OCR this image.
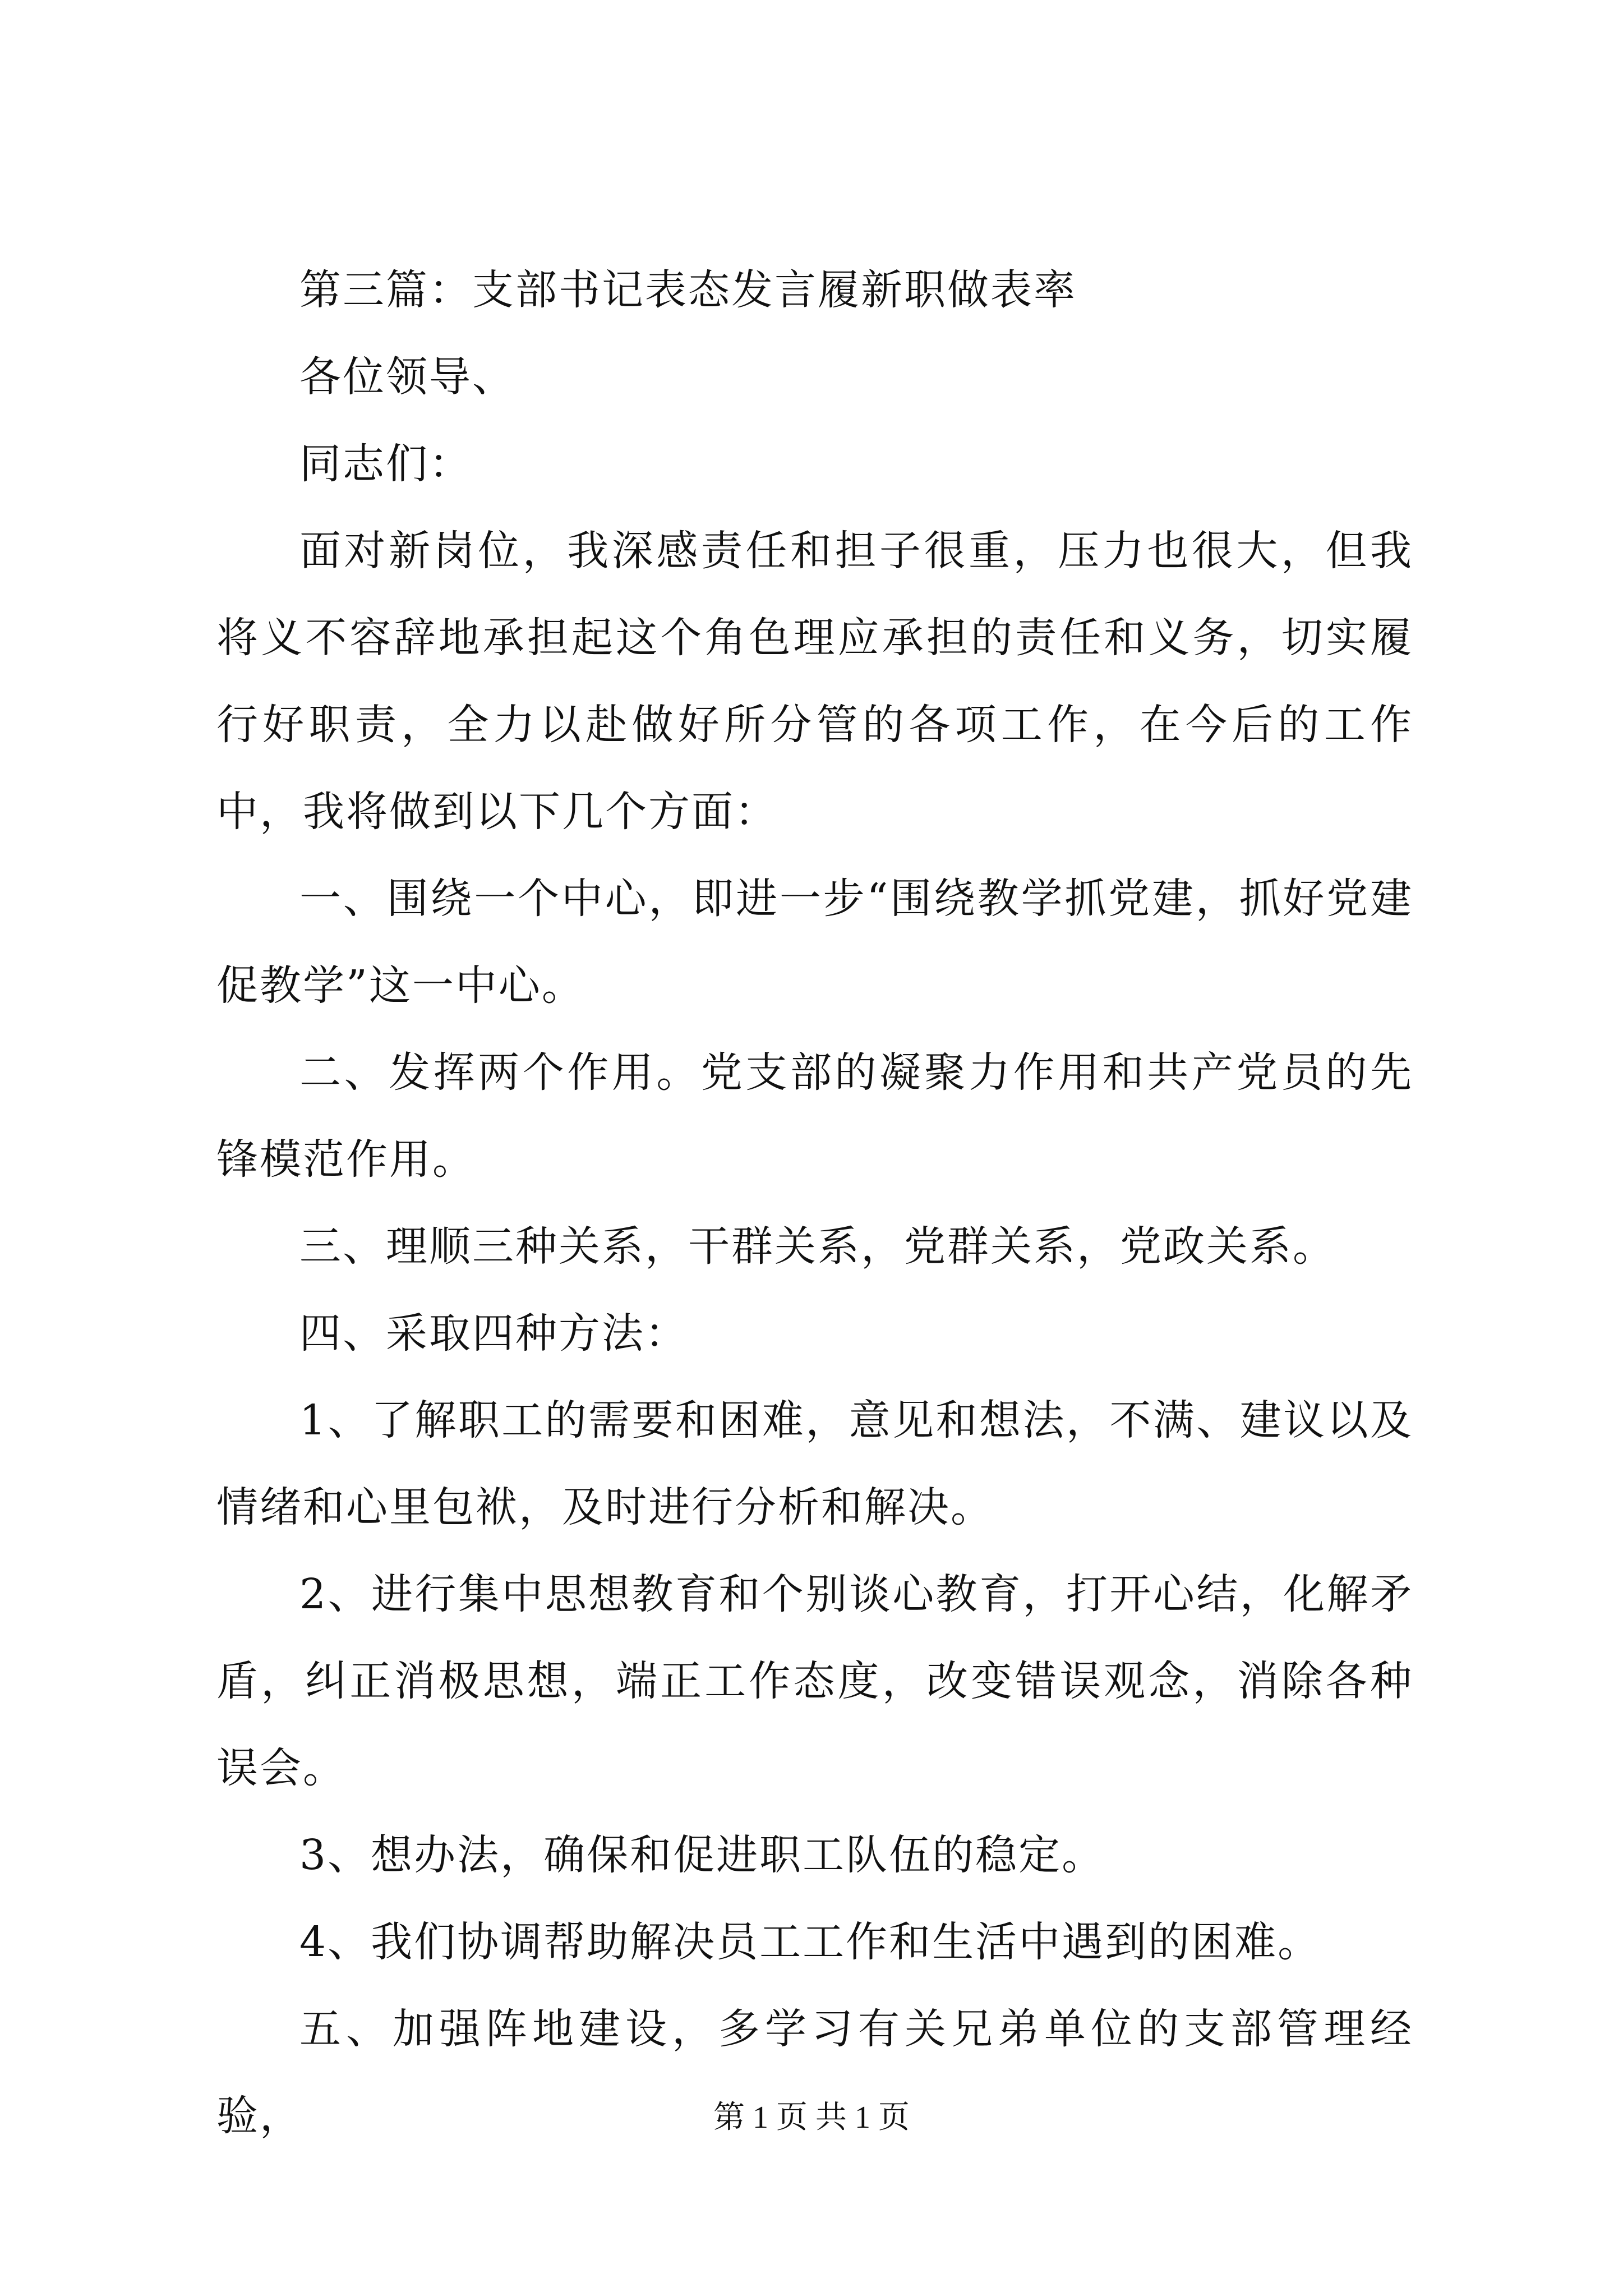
第三篇：支部书记表态发言履新职做表率

各位领导、

同志们：

面对新岗位，我深感责任和担子很重，压力也很大，但我将义不容辞地承担起这个角色理应承担的责任和义务，切实履行好职责，全力以赴做好所分管的各项工作，在今后的工作中，我将做到以下几个方面：

一、围绕一个中心，即进一步“围绕教学抓党建，抓好党建促教学”这一中心。

二、发挥两个作用。党支部的凝聚力作用和共产党员的先锋模范作用。

三、理顺三种关系，干群关系，党群关系，党政关系。

四、采取四种方法：

1、了解职工的需要和困难，意见和想法，不满、建议以及情绪和心里包袱，及时进行分析和解决。

2、进行集中思想教育和个别谈心教育，打开心结，化解矛盾，纠正消极思想，端正工作态度，改变错误观念，消除各种误会。

3、想办法，确保和促进职工队伍的稳定。

4、我们协调帮助解决员工工作和生活中遇到的困难。

五、加强阵地建设，多学习有关兄弟单位的支部管理经验，	第 1 页 共 1 页
